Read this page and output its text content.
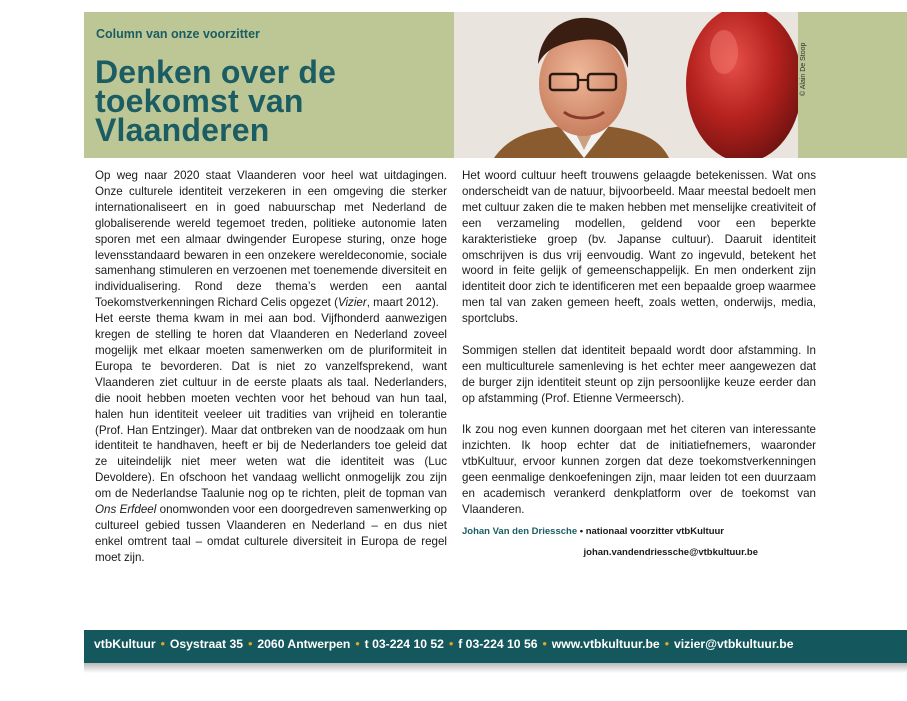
Column van onze voorzitter
Denken over de toekomst van Vlaanderen
© Alain De Stoop

Op weg naar 2020 staat Vlaanderen voor heel wat uitdagingen. Onze culturele identiteit verzekeren in een omgeving die sterker internationaliseert en in goed nabuurschap met Nederland de globaliserende wereld tegemoet treden, politieke autonomie laten sporen met een almaar dwingender Europese sturing, onze hoge levensstandaard bewaren in een onzekere wereldeconomie, sociale samenhang stimuleren en verzoenen met toenemende diversiteit en individualisering. Rond deze thema’s werden een aantal Toekomstverkenningen Richard Celis opgezet (Vizier, maart 2012).

Het eerste thema kwam in mei aan bod. Vijfhonderd aanwezigen kregen de stelling te horen dat Vlaanderen en Nederland zoveel mogelijk met elkaar moeten samenwerken om de pluriformiteit in Europa te bevorderen. Dat is niet zo vanzelfsprekend, want Vlaanderen ziet cultuur in de eerste plaats als taal. Nederlanders, die nooit hebben moeten vechten voor het behoud van hun taal, halen hun identiteit veeleer uit tradities van vrijheid en tolerantie (Prof. Han Entzinger). Maar dat ontbreken van de noodzaak om hun identiteit te handhaven, heeft er bij de Nederlanders toe geleid dat ze uiteindelijk niet meer weten wat die identiteit was (Luc Devoldere). En ofschoon het vandaag wellicht onmogelijk zou zijn om de Nederlandse Taalunie nog op te richten, pleit de topman van Ons Erfdeel onomwonden voor een doorgedreven samenwerking op cultureel gebied tussen Vlaanderen en Nederland – en dus niet enkel omtrent taal – omdat culturele diversiteit in Europa de regel moet zijn.

Het woord cultuur heeft trouwens gelaagde betekenissen. Wat ons onderscheidt van de natuur, bijvoorbeeld. Maar meestal bedoelt men met cultuur zaken die te maken hebben met menselijke creativiteit of een verzameling modellen, geldend voor een beperkte karakteristieke groep (bv. Japanse cultuur). Daaruit identiteit omschrijven is dus vrij eenvoudig. Want zo ingevuld, betekent het woord in feite gelijk of gemeenschappelijk. En men onderkent zijn identiteit door zich te identificeren met een bepaalde groep waarmee men tal van zaken gemeen heeft, zoals wetten, onderwijs, media, sportclubs.

Sommigen stellen dat identiteit bepaald wordt door afstamming. In een multiculturele samenleving is het echter meer aangewezen dat de burger zijn identiteit steunt op zijn persoonlijke keuze eerder dan op afstamming (Prof. Etienne Vermeersch).

Ik zou nog even kunnen doorgaan met het citeren van interessante inzichten. Ik hoop echter dat de initiatiefnemers, waaronder vtbKultuur, ervoor kunnen zorgen dat deze toekomstverkenningen geen eenmalige denkoefeningen zijn, maar leiden tot een duurzaam en academisch verankerd denkplatform over de toekomst van Vlaanderen.

Johan Van den Driessche • nationaal voorzitter vtbKultuur
johan.vandendriessche@vtbkultuur.be
vtbKultuur • Osystraat 35 • 2060 Antwerpen • t 03-224 10 52 • f 03-224 10 56 • www.vtbkultuur.be • vizier@vtbkultuur.be
